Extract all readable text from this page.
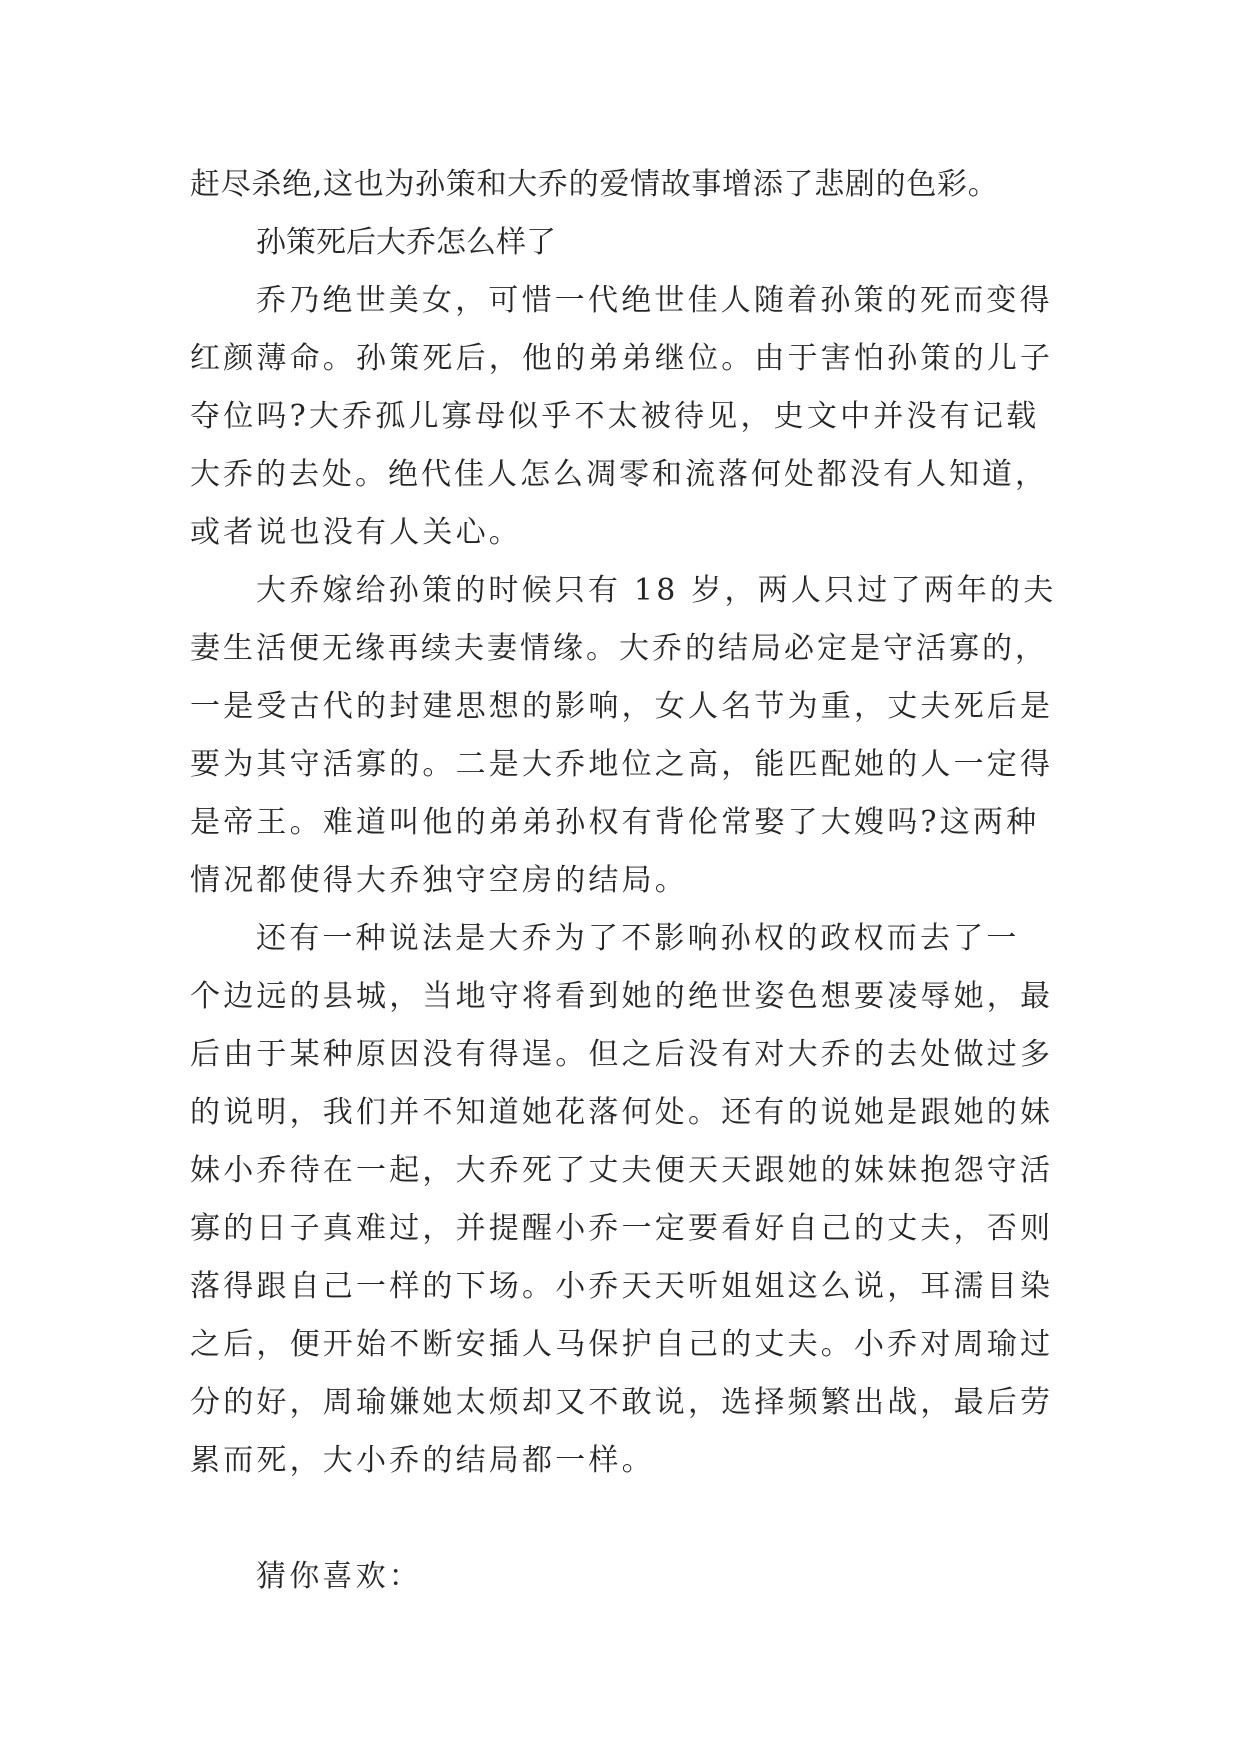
赶尽杀绝,这也为孙策和大乔的爱情故事增添了悲剧的色彩。

孙策死后大乔怎么样了

乔乃绝世美女，可惜一代绝世佳人随着孙策的死而变得

红颜薄命。孙策死后，他的弟弟继位。由于害怕孙策的儿子

夺位吗?大乔孤儿寡母似乎不太被待见，史文中并没有记载

大乔的去处。绝代佳人怎么凋零和流落何处都没有人知道，

或者说也没有人关心。

大乔嫁给孙策的时候只有 18 岁，两人只过了两年的夫

妻生活便无缘再续夫妻情缘。大乔的结局必定是守活寡的，

一是受古代的封建思想的影响，女人名节为重，丈夫死后是

要为其守活寡的。二是大乔地位之高，能匹配她的人一定得

是帝王。难道叫他的弟弟孙权有背伦常娶了大嫂吗?这两种

情况都使得大乔独守空房的结局。

还有一种说法是大乔为了不影响孙权的政权而去了一

个边远的县城，当地守将看到她的绝世姿色想要凌辱她，最

后由于某种原因没有得逞。但之后没有对大乔的去处做过多

的说明，我们并不知道她花落何处。还有的说她是跟她的妹

妹小乔待在一起，大乔死了丈夫便天天跟她的妹妹抱怨守活

寡的日子真难过，并提醒小乔一定要看好自己的丈夫，否则

落得跟自己一样的下场。小乔天天听姐姐这么说，耳濡目染

之后，便开始不断安插人马保护自己的丈夫。小乔对周瑜过

分的好，周瑜嫌她太烦却又不敢说，选择频繁出战，最后劳

累而死，大小乔的结局都一样。

猜你喜欢：
